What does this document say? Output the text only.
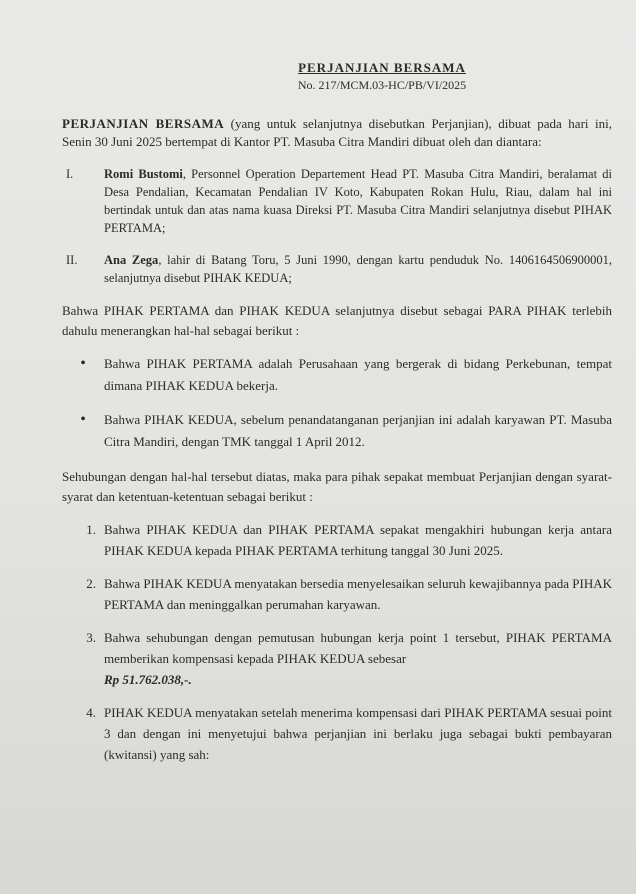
PERJANJIAN BERSAMA
No. 217/MCM.03-HC/PB/VI/2025
PERJANJIAN BERSAMA (yang untuk selanjutnya disebutkan Perjanjian), dibuat pada hari ini, Senin 30 Juni 2025 bertempat di Kantor PT. Masuba Citra Mandiri dibuat oleh dan diantara:
I.	Romi Bustomi, Personnel Operation Departement Head PT. Masuba Citra Mandiri, beralamat di Desa Pendalian, Kecamatan Pendalian IV Koto, Kabupaten Rokan Hulu, Riau, dalam hal ini bertindak untuk dan atas nama kuasa Direksi PT. Masuba Citra Mandiri selanjutnya disebut PIHAK PERTAMA;
II.	Ana Zega, lahir di Batang Toru, 5 Juni 1990, dengan kartu penduduk No. 1406164506900001, selanjutnya disebut PIHAK KEDUA;
Bahwa PIHAK PERTAMA dan PIHAK KEDUA selanjutnya disebut sebagai PARA PIHAK terlebih dahulu menerangkan hal-hal sebagai berikut :
•	Bahwa PIHAK PERTAMA adalah Perusahaan yang bergerak di bidang Perkebunan, tempat dimana PIHAK KEDUA bekerja.
•	Bahwa PIHAK KEDUA, sebelum penandatanganan perjanjian ini adalah karyawan PT. Masuba Citra Mandiri, dengan TMK tanggal 1 April 2012.
Sehubungan dengan hal-hal tersebut diatas, maka para pihak sepakat membuat Perjanjian dengan syarat-syarat dan ketentuan-ketentuan sebagai berikut :
1. Bahwa PIHAK KEDUA dan PIHAK PERTAMA sepakat mengakhiri hubungan kerja antara PIHAK KEDUA kepada PIHAK PERTAMA terhitung tanggal 30 Juni 2025.
2. Bahwa PIHAK KEDUA menyatakan bersedia menyelesaikan seluruh kewajibannya pada PIHAK PERTAMA dan meninggalkan perumahan karyawan.
3. Bahwa sehubungan dengan pemutusan hubungan kerja point 1 tersebut, PIHAK PERTAMA memberikan kompensasi kepada PIHAK KEDUA sebesar
Rp 51.762.038,-.
4. PIHAK KEDUA menyatakan setelah menerima kompensasi dari PIHAK PERTAMA sesuai point 3 dan dengan ini menyetujui bahwa perjanjian ini berlaku juga sebagai bukti pembayaran (kwitansi) yang sah:
